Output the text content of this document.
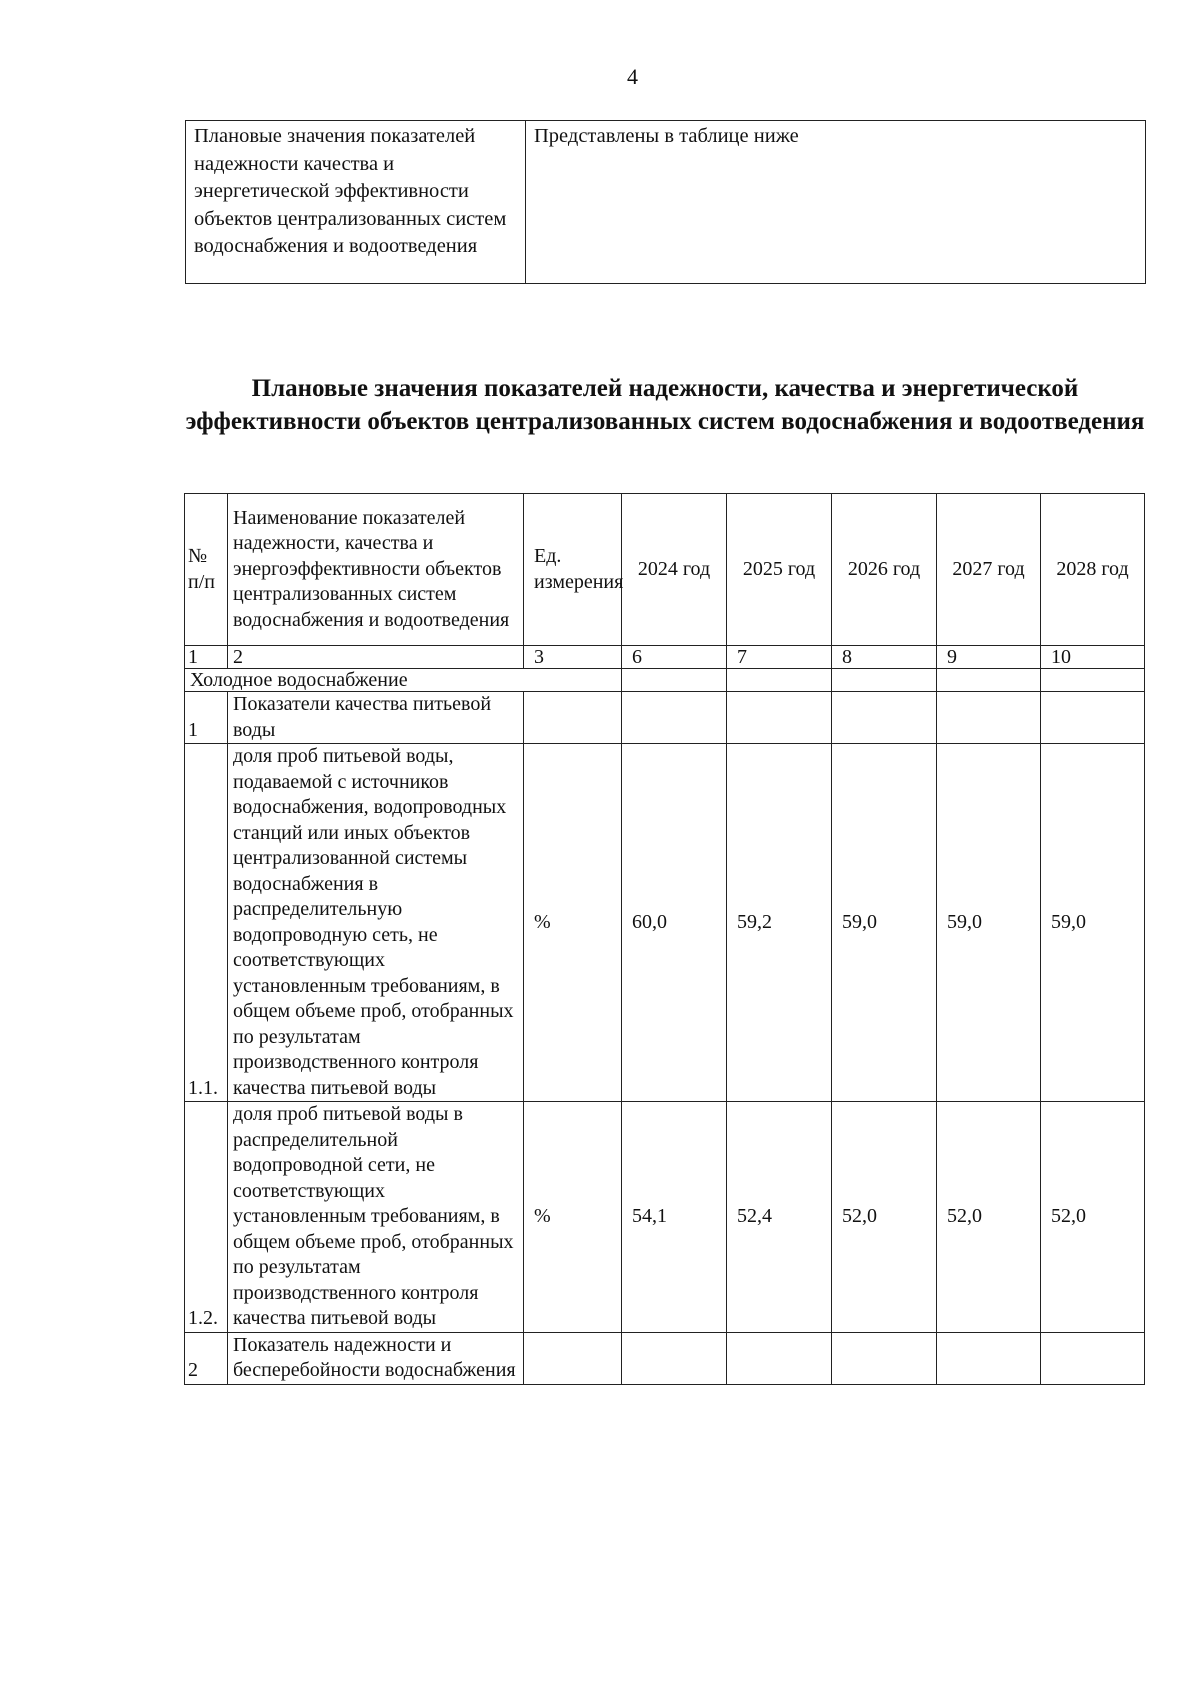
4
Плановые значения показателей надежности качества и энергетической эффективности объектов централизованных систем водоснабжения и водоотведения	Представлены в таблице ниже
Плановые значения показателей надежности, качества и энергетической эффективности объектов централизованных систем водоснабжения и водоотведения
№ п/п	Наименование показателей надежности, качества и энергоэффективности объектов централизованных систем водоснабжения и водоотведения	Ед. измерения	2024 год	2025 год	2026 год	2027 год	2028 год
1	2	3	6	7	8	9	10
Холодное водоснабжение							
1	Показатели качества питьевой воды						
1.1.	доля проб питьевой воды, подаваемой с источников водоснабжения, водопроводных станций или иных объектов централизованной системы водоснабжения в распределительную водопроводную сеть, не соответствующих установленным требованиям, в общем объеме проб, отобранных по результатам производственного контроля качества питьевой воды	%	60,0	59,2	59,0	59,0	59,0
1.2.	доля проб питьевой воды в распределительной водопроводной сети, не соответствующих установленным требованиям, в общем объеме проб, отобранных по результатам производственного контроля качества питьевой воды	%	54,1	52,4	52,0	52,0	52,0
2	Показатель надежности и бесперебойности водоснабжения						
